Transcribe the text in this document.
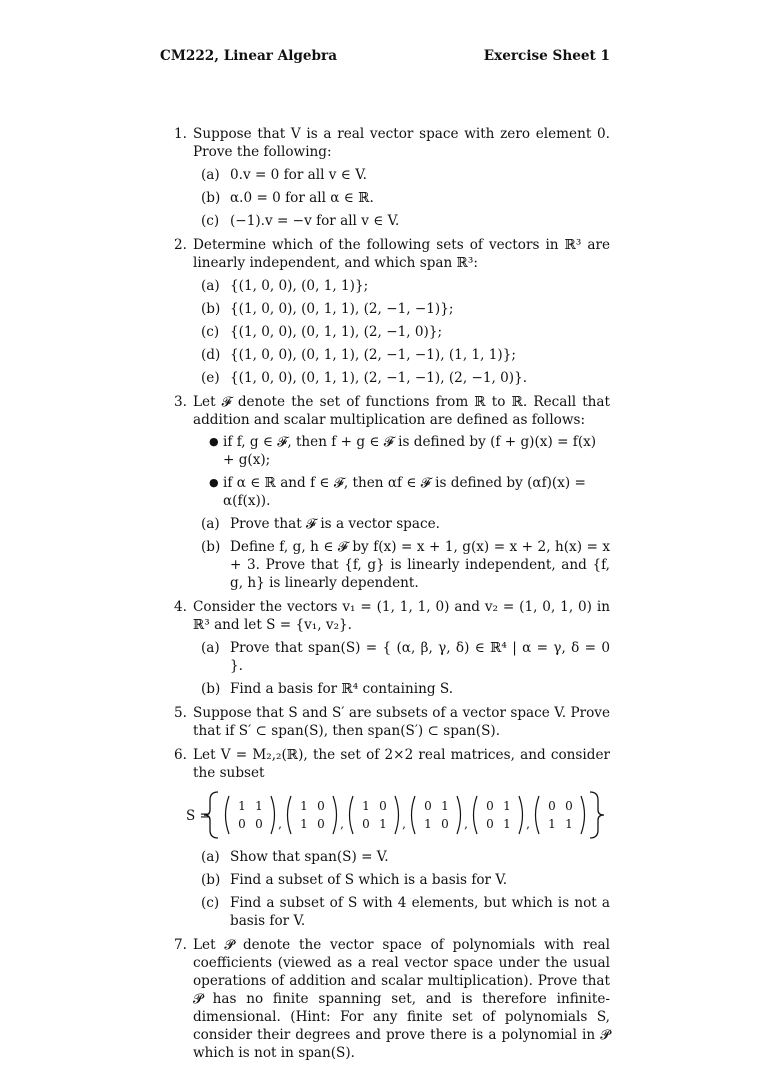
CM222, Linear Algebra	Exercise Sheet 1
1. Suppose that V is a real vector space with zero element 0. Prove the following:
(a) 0.v = 0 for all v ∈ V.
(b) α.0 = 0 for all α ∈ ℝ.
(c) (−1).v = −v for all v ∈ V.
2. Determine which of the following sets of vectors in ℝ³ are linearly independent, and which span ℝ³:
(a) {(1, 0, 0), (0, 1, 1)};
(b) {(1, 0, 0), (0, 1, 1), (2, −1, −1)};
(c) {(1, 0, 0), (0, 1, 1), (2, −1, 0)};
(d) {(1, 0, 0), (0, 1, 1), (2, −1, −1), (1, 1, 1)};
(e) {(1, 0, 0), (0, 1, 1), (2, −1, −1), (2, −1, 0)}.
3. Let 𝓕 denote the set of functions from ℝ to ℝ. Recall that addition and scalar multiplication are defined as follows:
● if f, g ∈ 𝓕, then f + g ∈ 𝓕 is defined by (f + g)(x) = f(x) + g(x);
● if α ∈ ℝ and f ∈ 𝓕, then αf ∈ 𝓕 is defined by (αf)(x) = α(f(x)).
(a) Prove that 𝓕 is a vector space.
(b) Define f, g, h ∈ 𝓕 by f(x) = x + 1, g(x) = x + 2, h(x) = x + 3. Prove that {f, g} is linearly independent, and {f, g, h} is linearly dependent.
4. Consider the vectors v₁ = (1, 1, 1, 0) and v₂ = (1, 0, 1, 0) in ℝ³ and let S = {v₁, v₂}.
(a) Prove that span(S) = { (α, β, γ, δ) ∈ ℝ⁴ | α = γ, δ = 0 }.
(b) Find a basis for ℝ⁴ containing S.
5. Suppose that S and S′ are subsets of a vector space V. Prove that if S′ ⊂ span(S), then span(S′) ⊂ span(S).
6. Let V = M₂,₂(ℝ), the set of 2×2 real matrices, and consider the subset
S =
1 1
0 0 ,
1 0
1 0 ,
1 0
0 1 ,
0 1
1 0 ,
0 1
0 1 ,
0 0
1 1
(a) Show that span(S) = V.
(b) Find a subset of S which is a basis for V.
(c) Find a subset of S with 4 elements, but which is not a basis for V.
7. Let 𝓟 denote the vector space of polynomials with real coefficients (viewed as a real vector space under the usual operations of addition and scalar multiplication). Prove that 𝓟 has no finite spanning set, and is therefore infinite-dimensional. (Hint: For any finite set of polynomials S, consider their degrees and prove there is a polynomial in 𝓟 which is not in span(S).
